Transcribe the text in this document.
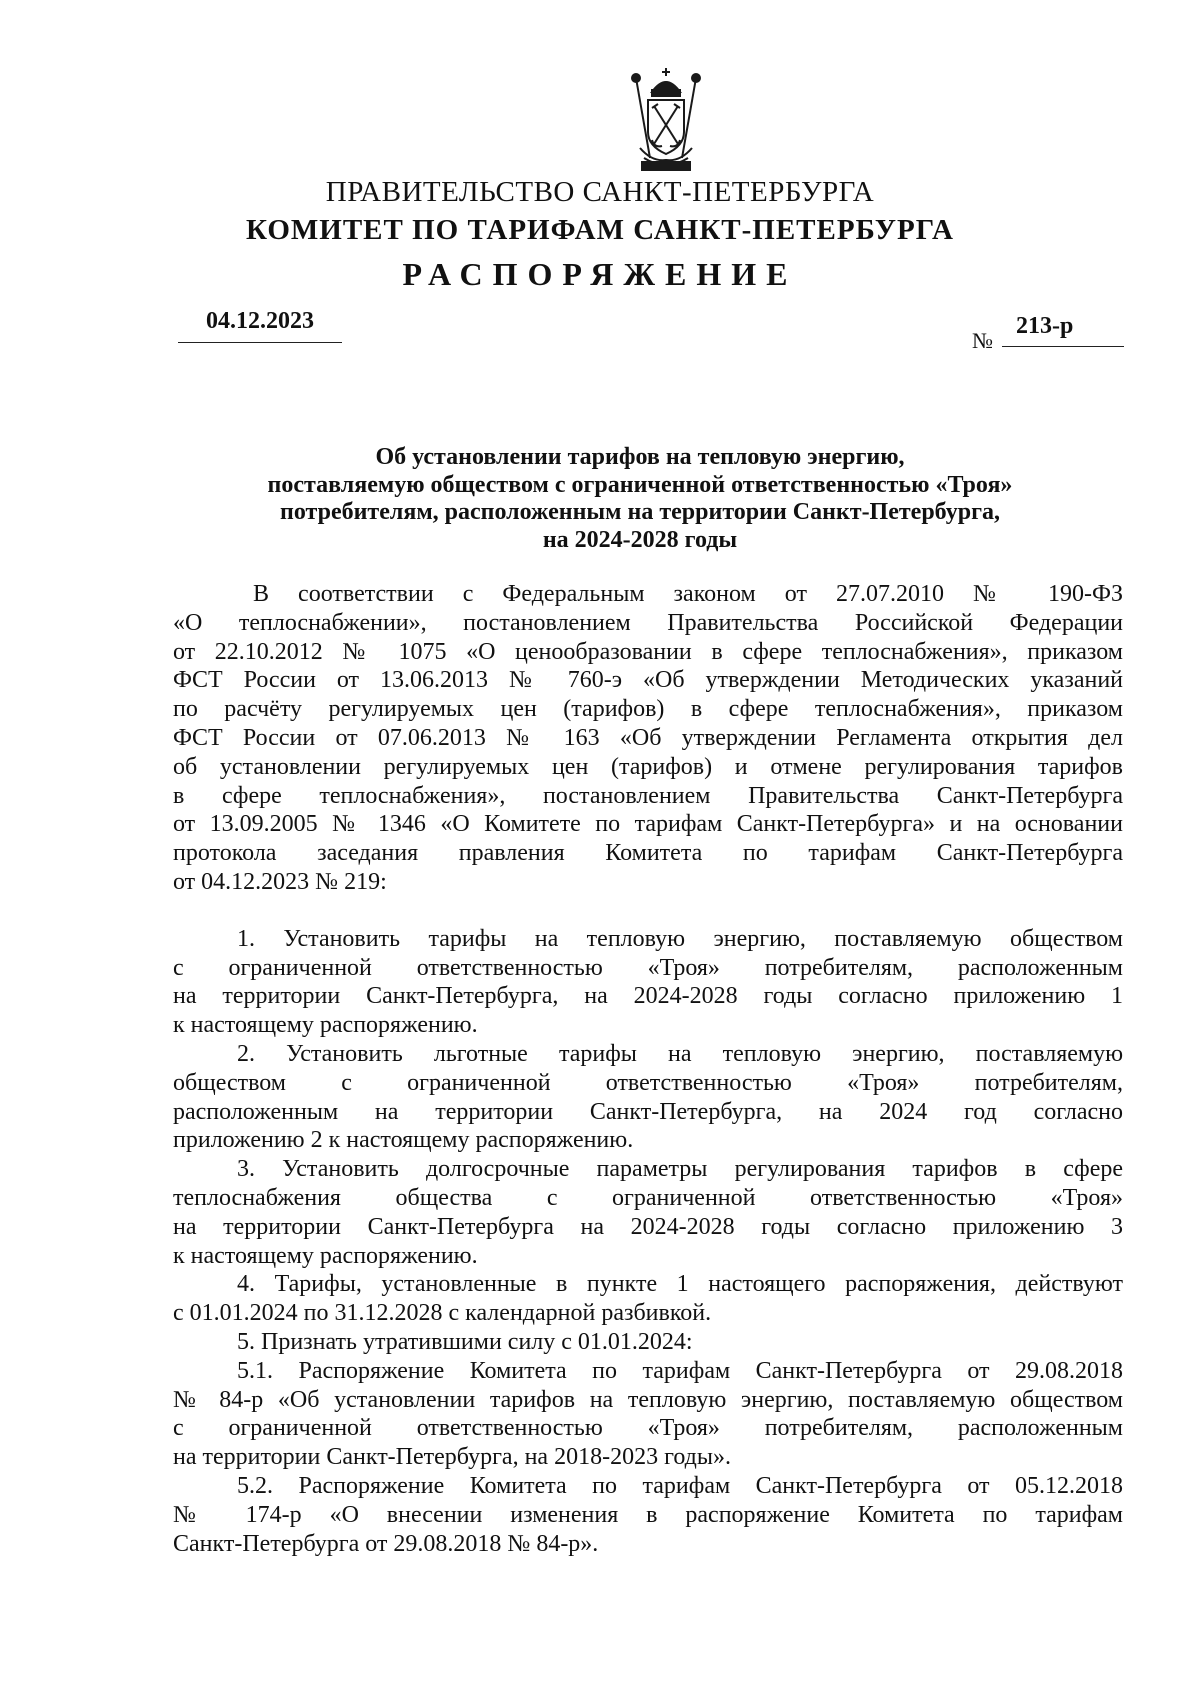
ПРАВИТЕЛЬСТВО САНКТ-ПЕТЕРБУРГА
КОМИТЕТ ПО ТАРИФАМ САНКТ-ПЕТЕРБУРГА
РАСПОРЯЖЕНИЕ
04.12.2023
№
213-р
Об установлении тарифов на тепловую энергию,
поставляемую обществом с ограниченной ответственностью «Троя»
потребителям, расположенным на территории Санкт-Петербурга,
на 2024-2028 годы
В соответствии с Федеральным законом от 27.07.2010 № 190-ФЗ
«О теплоснабжении», постановлением Правительства Российской Федерации
от 22.10.2012 № 1075 «О ценообразовании в сфере теплоснабжения», приказом
ФСТ России от 13.06.2013 № 760-э «Об утверждении Методических указаний
по расчёту регулируемых цен (тарифов) в сфере теплоснабжения», приказом
ФСТ России от 07.06.2013 № 163 «Об утверждении Регламента открытия дел
об установлении регулируемых цен (тарифов) и отмене регулирования тарифов
в сфере теплоснабжения», постановлением Правительства Санкт-Петербурга
от 13.09.2005 № 1346 «О Комитете по тарифам Санкт-Петербурга» и на основании
протокола заседания правления Комитета по тарифам Санкт-Петербурга
от 04.12.2023 № 219:
1. Установить тарифы на тепловую энергию, поставляемую обществом
с ограниченной ответственностью «Троя» потребителям, расположенным
на территории Санкт-Петербурга, на 2024-2028 годы согласно приложению 1
к настоящему распоряжению.
2. Установить льготные тарифы на тепловую энергию, поставляемую
обществом с ограниченной ответственностью «Троя» потребителям,
расположенным на территории Санкт-Петербурга, на 2024 год согласно
приложению 2 к настоящему распоряжению.
3. Установить долгосрочные параметры регулирования тарифов в сфере
теплоснабжения общества с ограниченной ответственностью «Троя»
на территории Санкт-Петербурга на 2024-2028 годы согласно приложению 3
к настоящему распоряжению.
4. Тарифы, установленные в пункте 1 настоящего распоряжения, действуют
с 01.01.2024 по 31.12.2028 с календарной разбивкой.
5. Признать утратившими силу с 01.01.2024:
5.1. Распоряжение Комитета по тарифам Санкт-Петербурга от 29.08.2018
№ 84-р «Об установлении тарифов на тепловую энергию, поставляемую обществом
с ограниченной ответственностью «Троя» потребителям, расположенным
на территории Санкт-Петербурга, на 2018-2023 годы».
5.2. Распоряжение Комитета по тарифам Санкт-Петербурга от 05.12.2018
№ 174-р «О внесении изменения в распоряжение Комитета по тарифам
Санкт-Петербурга от 29.08.2018 № 84-р».
